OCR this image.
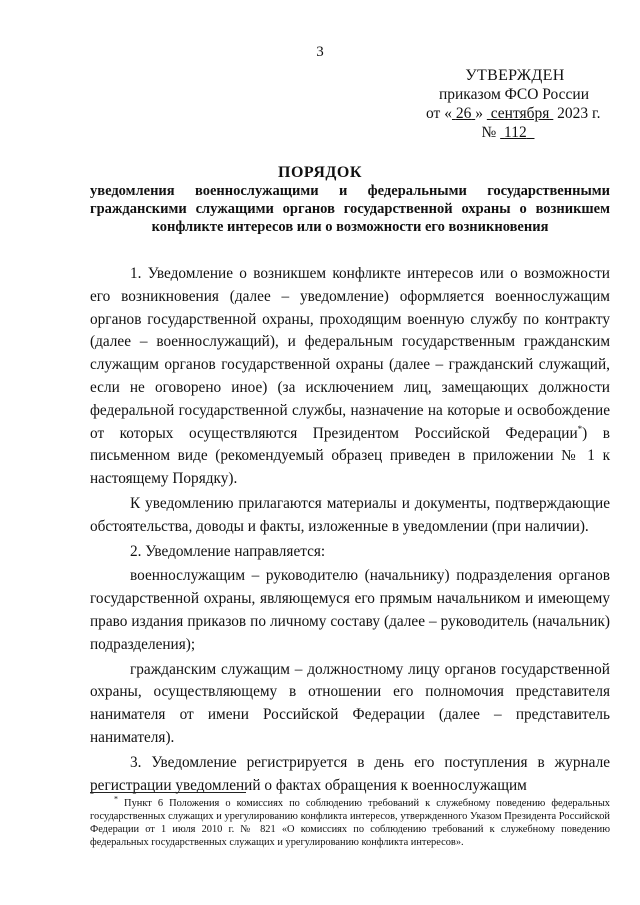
3
УТВЕРЖДЕН
приказом ФСО России
от « 26 » сентября 2023 г.
№ 112
ПОРЯДОК
уведомления военнослужащими и федеральными государственными гражданскими служащими органов государственной охраны о возникшем конфликте интересов или о возможности его возникновения

1. Уведомление о возникшем конфликте интересов или о возможности его возникновения (далее – уведомление) оформляется военнослужащим органов государственной охраны, проходящим военную службу по контракту (далее – военнослужащий), и федеральным государственным гражданским служащим органов государственной охраны (далее – гражданский служащий, если не оговорено иное) (за исключением лиц, замещающих должности федеральной государственной службы, назначение на которые и освобождение от которых осуществляются Президентом Российской Федерации*) в письменном виде (рекомендуемый образец приведен в приложении № 1 к настоящему Порядку).

К уведомлению прилагаются материалы и документы, подтверждающие обстоятельства, доводы и факты, изложенные в уведомлении (при наличии).

2. Уведомление направляется:

военнослужащим – руководителю (начальнику) подразделения органов государственной охраны, являющемуся его прямым начальником и имеющему право издания приказов по личному составу (далее – руководитель (начальник) подразделения);

гражданским служащим – должностному лицу органов государственной охраны, осуществляющему в отношении его полномочия представителя нанимателя от имени Российской Федерации (далее – представитель нанимателя).

3. Уведомление регистрируется в день его поступления в журнале регистрации уведомлений о фактах обращения к военнослужащим

* Пункт 6 Положения о комиссиях по соблюдению требований к служебному поведению федеральных государственных служащих и урегулированию конфликта интересов, утвержденного Указом Президента Российской Федерации от 1 июля 2010 г. № 821 «О комиссиях по соблюдению требований к служебному поведению федеральных государственных служащих и урегулированию конфликта интересов».
